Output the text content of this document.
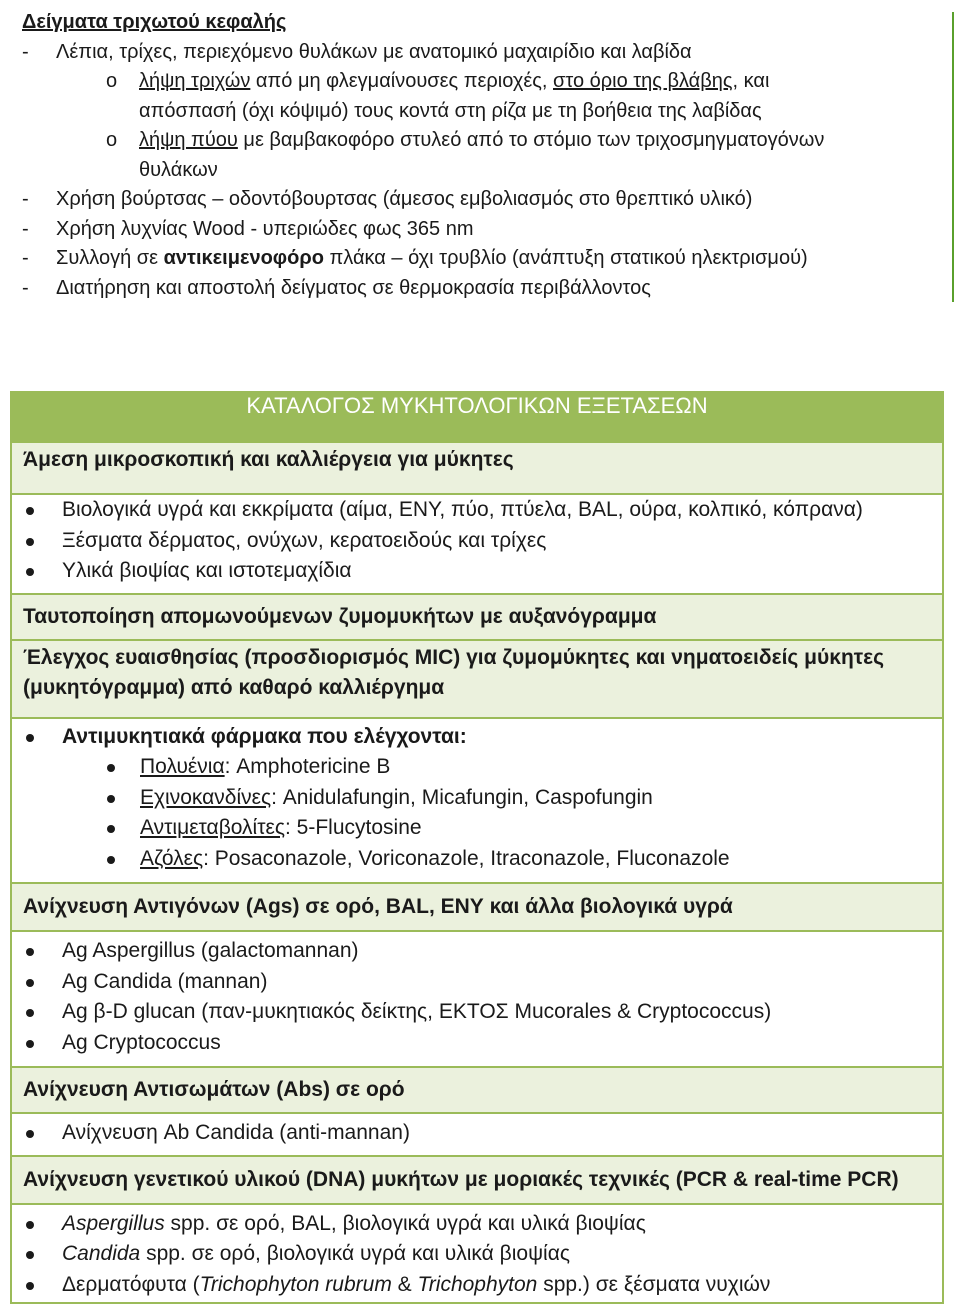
Δείγματα τριχωτού κεφαλής
-	Λέπια, τρίχες, περιεχόμενο θυλάκων με ανατομικό μαχαιρίδιο και λαβίδα
o	λήψη τριχών από μη φλεγμαίνουσες περιοχές, στο όριο της βλάβης, και
απόσπασή (όχι κόψιμό) τους κοντά στη ρίζα με τη βοήθεια της λαβίδας
o	λήψη πύου με βαμβακοφόρο στυλεό από το στόμιο των τριχοσμηγματογόνων
θυλάκων
-	Χρήση βούρτσας – οδοντόβουρτσας (άμεσος εμβολιασμός στο θρεπτικό υλικό)
-	Χρήση λυχνίας Wood - υπεριώδες φως 365 nm
-	Συλλογή σε αντικειμενοφόρο πλάκα – όχι τρυβλίο (ανάπτυξη στατικού ηλεκτρισμού)
-	Διατήρηση και αποστολή δείγματος σε θερμοκρασία περιβάλλοντος
ΚΑΤΑΛΟΓΟΣ ΜΥΚΗΤΟΛΟΓΙΚΩΝ ΕΞΕΤΑΣΕΩΝ

Άμεση μικροσκοπική και καλλιέργεια για μύκητες

Βιολογικά υγρά και εκκρίματα (αίμα, ΕΝΥ, πύο, πτύελα, BAL, ούρα, κολπικό, κόπρανα)
Ξέσματα δέρματος, ονύχων, κερατοειδούς και τρίχες
Υλικά βιοψίας και ιστοτεμαχίδια

Ταυτοποίηση απομωνούμενων ζυμομυκήτων με αυξανόγραμμα

Έλεγχος ευαισθησίας (προσδιορισμός MIC) για ζυμομύκητες και νηματοειδείς μύκητες
(μυκητόγραμμα) από καθαρό καλλιέργημα

Αντιμυκητιακά φάρμακα που ελέγχονται:
Πολυένια: Amphotericine B
Εχινοκανδίνες: Anidulafungin, Micafungin, Caspofungin
Αντιμεταβολίτες: 5-Flucytosine
Αζόλες: Posaconazole, Voriconazole, Itraconazole, Fluconazole

Ανίχνευση Αντιγόνων (Ags) σε ορό, BAL, ΕΝΥ και άλλα βιολογικά υγρά

Ag Aspergillus (galactomannan)
Ag Candida (mannan)
Ag β-D glucan (παν-μυκητιακός δείκτης, ΕΚΤΟΣ Mucorales & Cryptococcus)
Ag Cryptococcus

Ανίχνευση Αντισωμάτων (Abs) σε ορό

Ανίχνευση Ab Candida (anti-mannan)

Ανίχνευση γενετικού υλικού (DNA) μυκήτων με μοριακές τεχνικές (PCR & real-time PCR)

Aspergillus spp. σε ορό, BAL, βιολογικά υγρά και υλικά βιοψίας
Candida spp. σε ορό, βιολογικά υγρά και υλικά βιοψίας
Δερματόφυτα (Trichophyton rubrum & Trichophyton spp.) σε ξέσματα νυχιών
